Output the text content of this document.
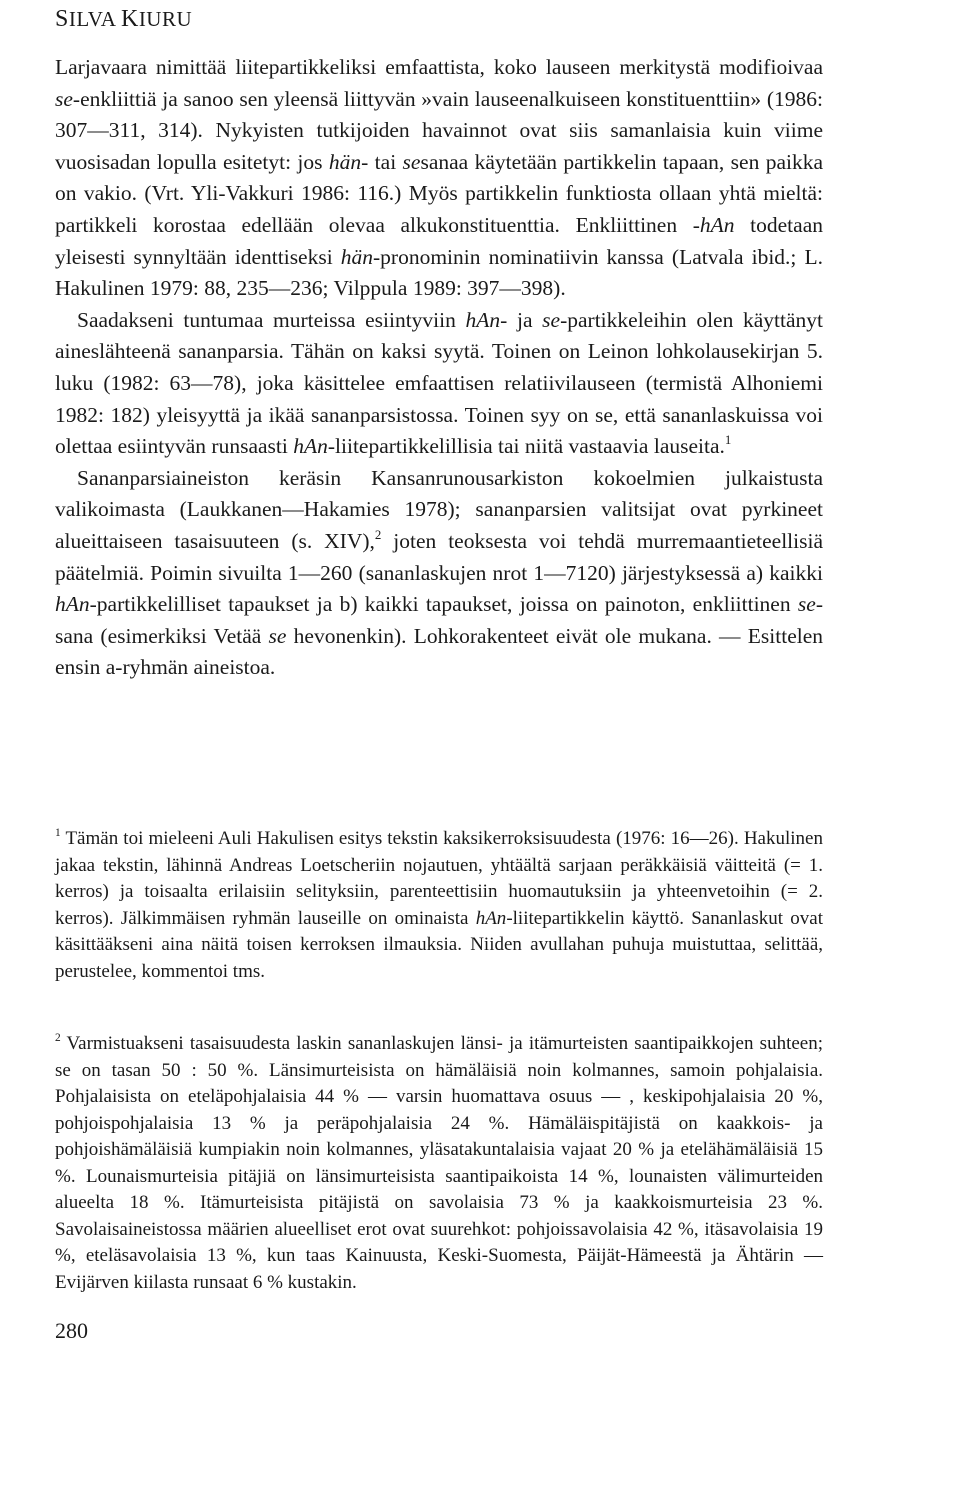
SILVA KIURU

Larjavaara nimittää liitepartikkeliksi emfaattista, koko lauseen merkitystä modifioivaa se-enkliittiä ja sanoo sen yleensä liittyvän »vain lauseenalkuiseen konstituenttiin» (1986: 307—311, 314). Nykyisten tutkijoiden havainnot ovat siis samanlaisia kuin viime vuosisadan lopulla esitetyt: jos hän- tai sesanaa käytetään partikkelin tapaan, sen paikka on vakio. (Vrt. Yli-Vakkuri 1986: 116.) Myös partikkelin funktiosta ollaan yhtä mieltä: partikkeli korostaa edellään olevaa alkukonstituenttia. Enkliittinen -hAn todetaan yleisesti synnyltään identtiseksi hän-pronominin nominatiivin kanssa (Latvala ibid.; L. Hakulinen 1979: 88, 235—236; Vilppula 1989: 397—398).

Saadakseni tuntumaa murteissa esiintyviin hAn- ja se-partikkeleihin olen käyttänyt aineslähteenä sananparsia. Tähän on kaksi syytä. Toinen on Leinon lohkolausekirjan 5. luku (1982: 63—78), joka käsittelee emfaattisen relatiivilauseen (termistä Alhoniemi 1982: 182) yleisyyttä ja ikää sananparsistossa. Toinen syy on se, että sananlaskuissa voi olettaa esiintyvän runsaasti hAn-liitepartikkelillisia tai niitä vastaavia lauseita.$^1$

Sananparsiaineiston keräsin Kansanrunousarkiston kokoelmien julkaistusta valikoimasta (Laukkanen—Hakamies 1978); sananparsien valitsijat ovat pyrkineet alueittaiseen tasaisuuteen (s. XIV),$^2$ joten teoksesta voi tehdä murremaantieteellisiä päätelmiä. Poimin sivuilta 1—260 (sananlaskujen nrot 1—7120) järjestyksessä a) kaikki hAn-partikkelilliset tapaukset ja b) kaikki tapaukset, joissa on painoton, enkliittinen se-sana (esimerkiksi Vetää se hevonenkin). Lohkorakenteet eivät ole mukana. — Esittelen ensin a-ryhmän aineistoa.

$^1$ Tämän toi mieleeni Auli Hakulisen esitys tekstin kaksikerroksisuudesta (1976: 16—26). Hakulinen jakaa tekstin, lähinnä Andreas Loetscheriin nojautuen, yhtäältä sarjaan peräkkäisiä väitteitä (= 1. kerros) ja toisaalta erilaisiin selityksiin, parenteettisiin huomautuksiin ja yhteenvetoihin (= 2. kerros). Jälkimmäisen ryhmän lauseille on ominaista hAn-liitepartikkelin käyttö. Sananlaskut ovat käsittääkseni aina näitä toisen kerroksen ilmauksia. Niiden avullahan puhuja muistuttaa, selittää, perustelee, kommentoi tms.

$^2$ Varmistuakseni tasaisuudesta laskin sananlaskujen länsi- ja itämurteisten saantipaikkojen suhteen; se on tasan 50 : 50 %. Länsimurteisista on hämäläisiä noin kolmannes, samoin pohjalaisia. Pohjalaisista on eteläpohjalaisia 44 % — varsin huomattava osuus — , keskipohjalaisia 20 %, pohjoispohjalaisia 13 % ja peräpohjalaisia 24 %. Hämäläispitäjistä on kaakkois- ja pohjoishämäläisiä kumpiakin noin kolmannes, yläsatakuntalaisia vajaat 20 % ja etelähämäläisiä 15 %. Lounaismurteisia pitäjiä on länsimurteisista saantipaikoista 14 %, lounaisten välimurteiden alueelta 18 %. Itämurteisista pitäjistä on savolaisia 73 % ja kaakkoismurteisia 23 %. Savolaisaineistossa määrien alueelliset erot ovat suurehkot: pohjoissavolaisia 42 %, itäsavolaisia 19 %, eteläsavolaisia 13 %, kun taas Kainuusta, Keski-Suomesta, Päijät-Hämeestä ja Ähtärin — Evijärven kiilasta runsaat 6 % kustakin.

280
